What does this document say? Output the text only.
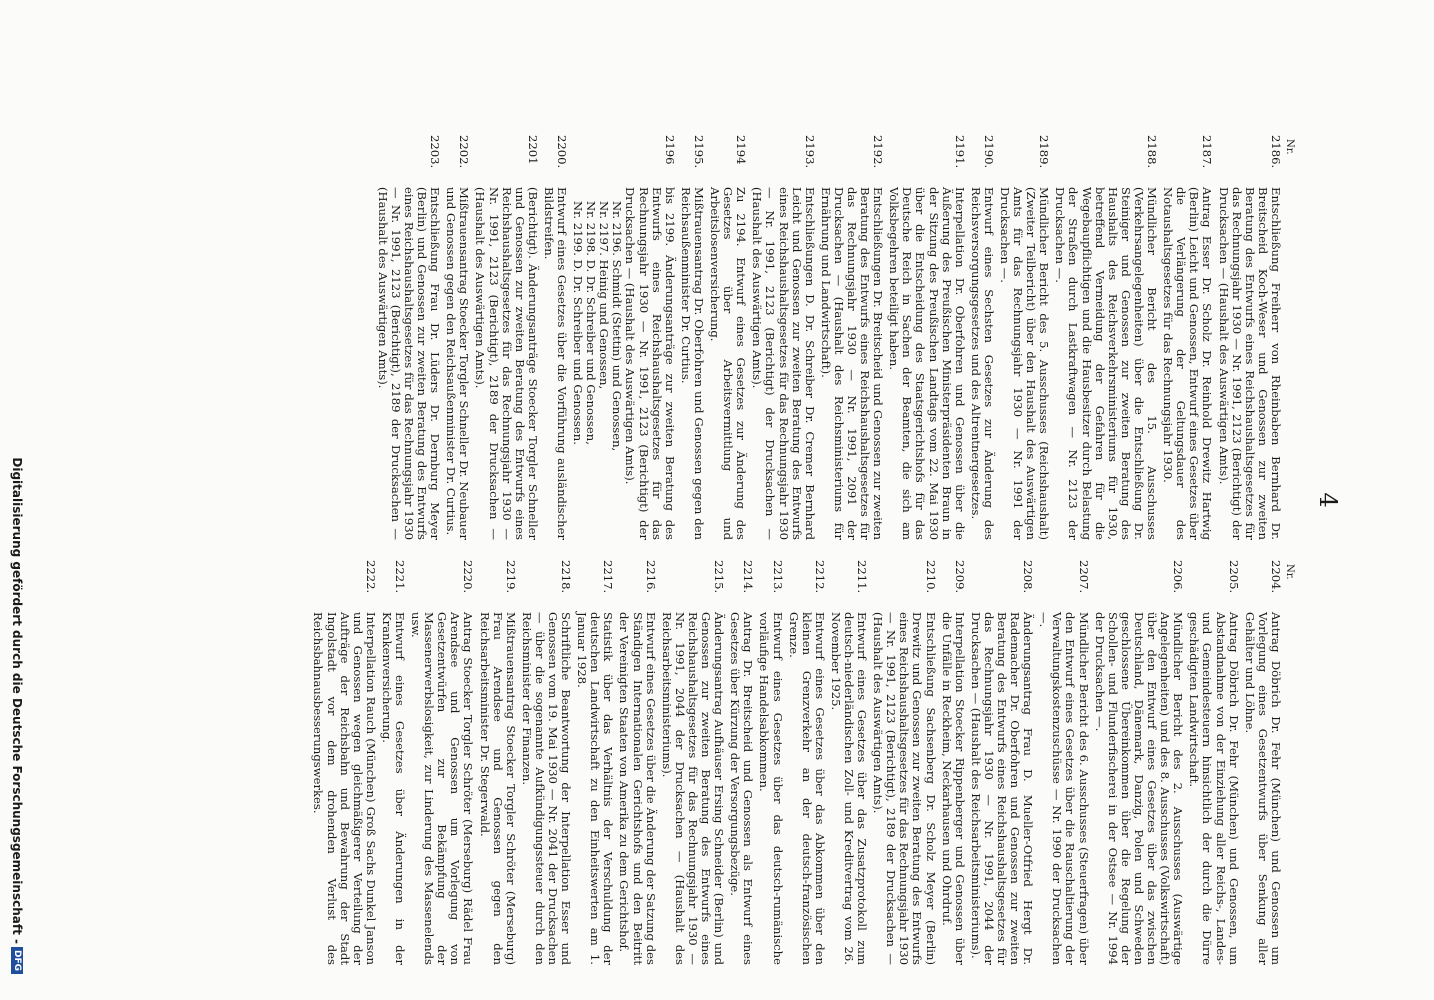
4
Nr.
2186.
Entschließung Freiherr von Rheinbaben Bernhard Dr. Breitscheid Koch-Weser und Genossen zur zweiten Beratung des Entwurfs eines Reichshaushaltsgesetzes für das Rechnungsjahr 1930 — Nr. 1991, 2123 (Berichtigt) der Drucksachen — (Haushalt des Auswärtigen Amts).
2187.
Antrag Esser Dr. Scholz Dr. Reinhold Drewitz Hartwig (Berlin) Leicht und Genossen, Entwurf eines Gesetzes über die Verlängerung der Geltungsdauer des Notaushaltsgesetzes für das Rechnungsjahr 1930.
2188.
Mündlicher Bericht des 15. Ausschusses (Verkehrsangelegenheiten) über die Entschließung Dr. Steiniger und Genossen zur zweiten Beratung des Haushalts des Reichsverkehrsministeriums für 1930, betreffend Vermeidung der Gefahren für die Wegebaupflichtigen und die Hausbesitzer durch Belastung der Straßen durch Lastkraftwagen — Nr. 2123 der Drucksachen —.
2189.
Mündlicher Bericht des 5. Ausschusses (Reichshaushalt) (Zweiter Teilbericht) über den Haushalt des Auswärtigen Amts für das Rechnungsjahr 1930 — Nr. 1991 der Drucksachen —.
2190.
Entwurf eines Sechsten Gesetzes zur Änderung des Reichsversorgungsgesetzes und des Altrentnergesetzes.
2191.
Interpellation Dr. Oberfohren und Genossen über die Äußerung des Preußischen Ministerpräsidenten Braun in der Sitzung des Preußischen Landtags vom 22. Mai 1930 über die Entscheidung des Staatsgerichtshofs für das Deutsche Reich in Sachen der Beamten, die sich am Volksbegehren beteiligt haben.
2192.
Entschließungen Dr. Breitscheid und Genossen zur zweiten Beratung des Entwurfs eines Reichshaushaltsgesetzes für das Rechnungsjahr 1930 — Nr. 1991, 2091 der Drucksachen — (Haushalt des Reichsministeriums für Ernährung und Landwirtschaft).
2193.
Entschließungen D. Dr. Schreiber Dr. Cremer Bernhard Leicht und Genossen zur zweiten Beratung des Entwurfs eines Reichshaushaltsgesetzes für das Rechnungsjahr 1930 — Nr. 1991, 2123 (Berichtigt) der Drucksachen — (Haushalt des Auswärtigen Amts).
2194
Zu 2194. Entwurf eines Gesetzes zur Änderung des Gesetzes über Arbeitsvermittlung und Arbeitslosenversicherung.
2195.
Mißtrauensantrag Dr. Oberfohren und Genossen gegen den Reichsaußenminister Dr. Curtius.
2196
bis 2199. Änderungsanträge zur zweiten Beratung des Entwurfs eines Reichshaushaltsgesetzes für das Rechnungsjahr 1930 — Nr. 1991, 2123 (Berichtigt) der Drucksachen — (Haushalt des Auswärtigen Amts).
Nr. 2196. Schmidt (Stettin) und Genossen,
Nr. 2197. Heinig und Genossen,
Nr. 2198. D. Dr. Schreiber und Genossen,
Nr. 2199. D. Dr. Schreiber und Genossen.
2200.
Entwurf eines Gesetzes über die Vorführung ausländischer Bildstreifen.
2201
(Berichtigt). Änderungsanträge Stoecker Torgler Schneller und Genossen zur zweiten Beratung des Entwurfs eines Reichshaushaltsgesetzes für das Rechnungsjahr 1930 — Nr. 1991, 2123 (Berichtigt), 2189 der Drucksachen — (Haushalt des Auswärtigen Amts).
2202.
Mißtrauensantrag Stoecker Torgler Schneller Dr. Neubauer und Genossen gegen den Reichsaußenminister Dr. Curtius.
2203.
Entschließung Frau Dr. Lüders Dr. Dernburg Meyer (Berlin) und Genossen zur zweiten Beratung des Entwurfs eines Reichshaushaltsgesetzes für das Rechnungsjahr 1930 — Nr. 1991, 2123 (Berichtigt), 2189 der Drucksachen — (Haushalt des Auswärtigen Amts).
Nr.
2204.
Antrag Döbrich Dr. Fehr (München) und Genossen um Vorlegung eines Gesetzentwurfs über Senkung aller Gehälter und Löhne.
2205.
Antrag Döbrich Dr. Fehr (München) und Genossen, um Abstandnahme von der Einziehung aller Reichs-, Landes- und Gemeindesteuern hinsichtlich der durch die Dürre geschädigten Landwirtschaft.
2206.
Mündlicher Bericht des 2. Ausschusses (Auswärtige Angelegenheiten) und des 8. Ausschusses (Volkswirtschaft) über den Entwurf eines Gesetzes über das zwischen Deutschland, Dänemark, Danzig, Polen und Schweden geschlossene Übereinkommen über die Regelung der Schollen- und Flunderfischerei in der Ostsee — Nr. 1994 der Drucksachen —.
2207.
Mündlicher Bericht des 6. Ausschusses (Steuerfragen) über den Entwurf eines Gesetzes über die Rauschaltierung der Verwaltungskostenzuschüsse — Nr. 1990 der Drucksachen —.
2208.
Änderungsantrag Frau D. Mueller-Otfried Hergt Dr. Rademacher Dr. Oberfohren und Genossen zur zweiten Beratung des Entwurfs eines Reichshaushaltsgesetzes für das Rechnungsjahr 1930 — Nr. 1991, 2044 der Drucksachen — (Haushalt des Reichsarbeitsministeriums).
2209.
Interpellation Stoecker Rippenberger und Genossen über die Unfälle in Reckheim, Neckarhausen und Ohrdruf.
2210.
Entschließung Sachsenberg Dr. Scholz Meyer (Berlin) Drewitz und Genossen zur zweiten Beratung des Entwurfs eines Reichshaushaltsgesetzes für das Rechnungsjahr 1930 — Nr. 1991, 2123 (Berichtigt), 2189 der Drucksachen — (Haushalt des Auswärtigen Amts).
2211.
Entwurf eines Gesetzes über das Zusatzprotokoll zum deutsch-niederländischen Zoll- und Kreditvertrag vom 26. November 1925.
2212.
Entwurf eines Gesetzes über das Abkommen über den kleinen Grenzverkehr an der deutsch-französischen Grenze.
2213.
Entwurf eines Gesetzes über das deutsch-rumänische vorläufige Handelsabkommen.
2214.
Antrag Dr. Breitscheid und Genossen als Entwurf eines Gesetzes über Kürzung der Versorgungsbezüge.
2215.
Änderungsantrag Aufhäuser Ersing Schneider (Berlin) und Genossen zur zweiten Beratung des Entwurfs eines Reichshaushaltsgesetzes für das Rechnungsjahr 1930 — Nr. 1991, 2044 der Drucksachen — (Haushalt des Reichsarbeitsministeriums).
2216.
Entwurf eines Gesetzes über die Änderung der Satzung des Ständigen Internationalen Gerichtshofs und den Beitritt der Vereinigten Staaten von Amerika zu dem Gerichtshof.
2217.
Statistik über das Verhältnis der Verschuldung der deutschen Landwirtschaft zu den Einheitswerten am 1. Januar 1928.
2218.
Schriftliche Beantwortung der Interpellation Esser und Genossen vom 19. Mai 1930 — Nr. 2041 der Drucksachen — über die sogenannte Aufkündigungssteuer durch den Reichsminister der Finanzen.
2219.
Mißtrauensantrag Stoecker Torgler Schröter (Merseburg) Frau Arendsee und Genossen gegen den Reichsarbeitsminister Dr. Stegerwald.
2220.
Antrag Stoecker Torgler Schröter (Merseburg) Rädel Frau Arendsee und Genossen um Vorlegung von Gesetzentwürfen zur Bekämpfung der Massenerwerbslosigkeit, zur Linderung des Massenelends usw.
2221.
Entwurf eines Gesetzes über Änderungen in der Krankenversicherung.
2222.
Interpellation Rauch (München) Groß Sachs Dunkel Janson und Genossen wegen gleichmäßigerer Verteilung der Aufträge der Reichsbahn und Bewahrung der Stadt Ingolstadt vor dem drohenden Verlust des Reichsbahnausbesserungswerkes.
Digitalisierung gefördert durch die Deutsche Forschungsgemeinschaft -
DFG
